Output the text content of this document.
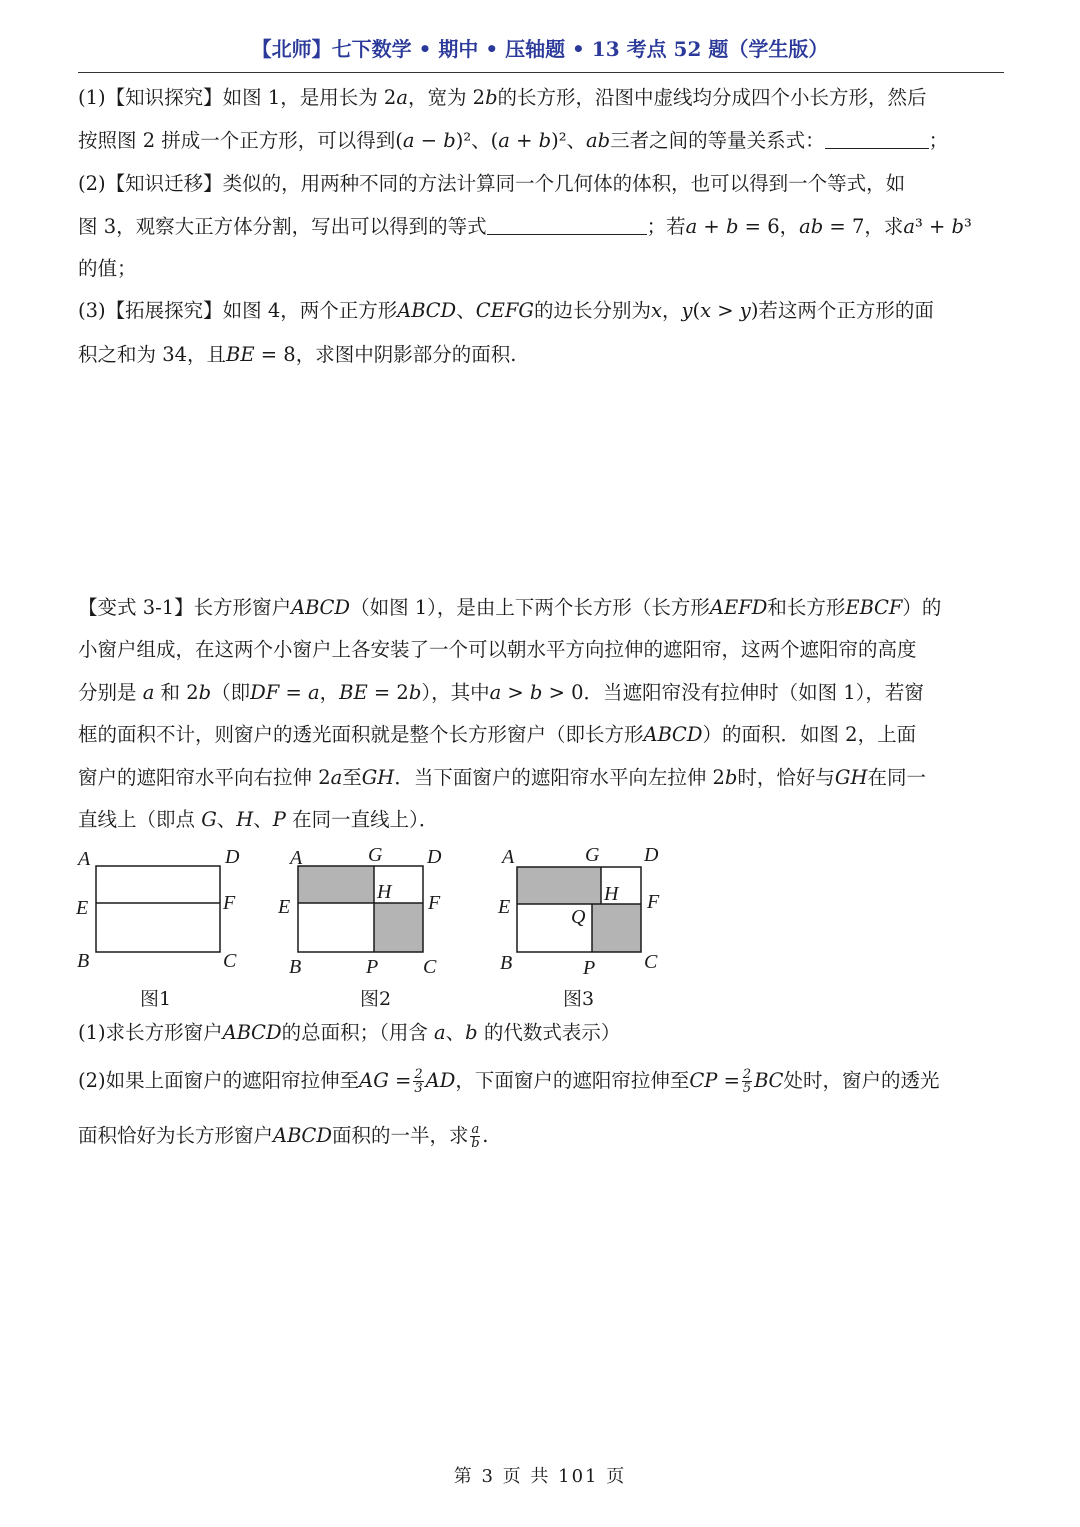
【北师】七下数学 • 期中 • 压轴题 • 13 考点 52 题（学生版）
(1)【知识探究】如图 1，是用长为 2𝑎，宽为 2𝑏的长方形，沿图中虚线均分成四个小长方形，然后
按照图 2 拼成一个正方形，可以得到(𝑎 − 𝑏)²、(𝑎 + 𝑏)²、𝑎𝑏三者之间的等量关系式：	；
(2)【知识迁移】类似的，用两种不同的方法计算同一个几何体的体积，也可以得到一个等式，如
图 3，观察大正方体分割，写出可以得到的等式	；若𝑎 + 𝑏 = 6，𝑎𝑏 = 7，求𝑎³ + 𝑏³
的值；
(3)【拓展探究】如图 4，两个正方形𝐴𝐵𝐶𝐷、𝐶𝐸𝐹𝐺的边长分别为𝑥，𝑦(𝑥 > 𝑦)若这两个正方形的面
积之和为 34，且𝐵𝐸 = 8，求图中阴影部分的面积.
【变式 3-1】长方形窗户𝐴𝐵𝐶𝐷（如图 1），是由上下两个长方形（长方形𝐴𝐸𝐹𝐷和长方形𝐸𝐵𝐶𝐹）的
小窗户组成，在这两个小窗户上各安装了一个可以朝水平方向拉伸的遮阳帘，这两个遮阳帘的高度
分别是 𝑎 和 2𝑏（即𝐷𝐹 = 𝑎，𝐵𝐸 = 2𝑏），其中𝑎 > 𝑏 > 0．当遮阳帘没有拉伸时（如图 1），若窗
框的面积不计，则窗户的透光面积就是整个长方形窗户（即长方形𝐴𝐵𝐶𝐷）的面积．如图 2，上面
窗户的遮阳帘水平向右拉伸 2𝑎至𝐺𝐻．当下面窗户的遮阳帘水平向左拉伸 2𝑏时，恰好与𝐺𝐻在同一
直线上（即点 𝐺、𝐻、𝑃 在同一直线上）．
A	D
E	F
B	C
图1
A	G D
H
E	F
B	P C
图2
A	G D
H
Q
E	F
B	P C
图3
(1)求长方形窗户𝐴𝐵𝐶𝐷的总面积；（用含 𝑎、𝑏 的代数式表示）
(2)如果上面窗户的遮阳帘拉伸至𝐴𝐺 = $\frac{2}{3}$ 𝐴𝐷，下面窗户的遮阳帘拉伸至𝐶𝑃 = $\frac{2}{5}$ 𝐵𝐶处时，窗户的透光
面积恰好为长方形窗户𝐴𝐵𝐶𝐷面积的一半，求 $\frac{a}{b}$ .
第 3 页 共 101 页
